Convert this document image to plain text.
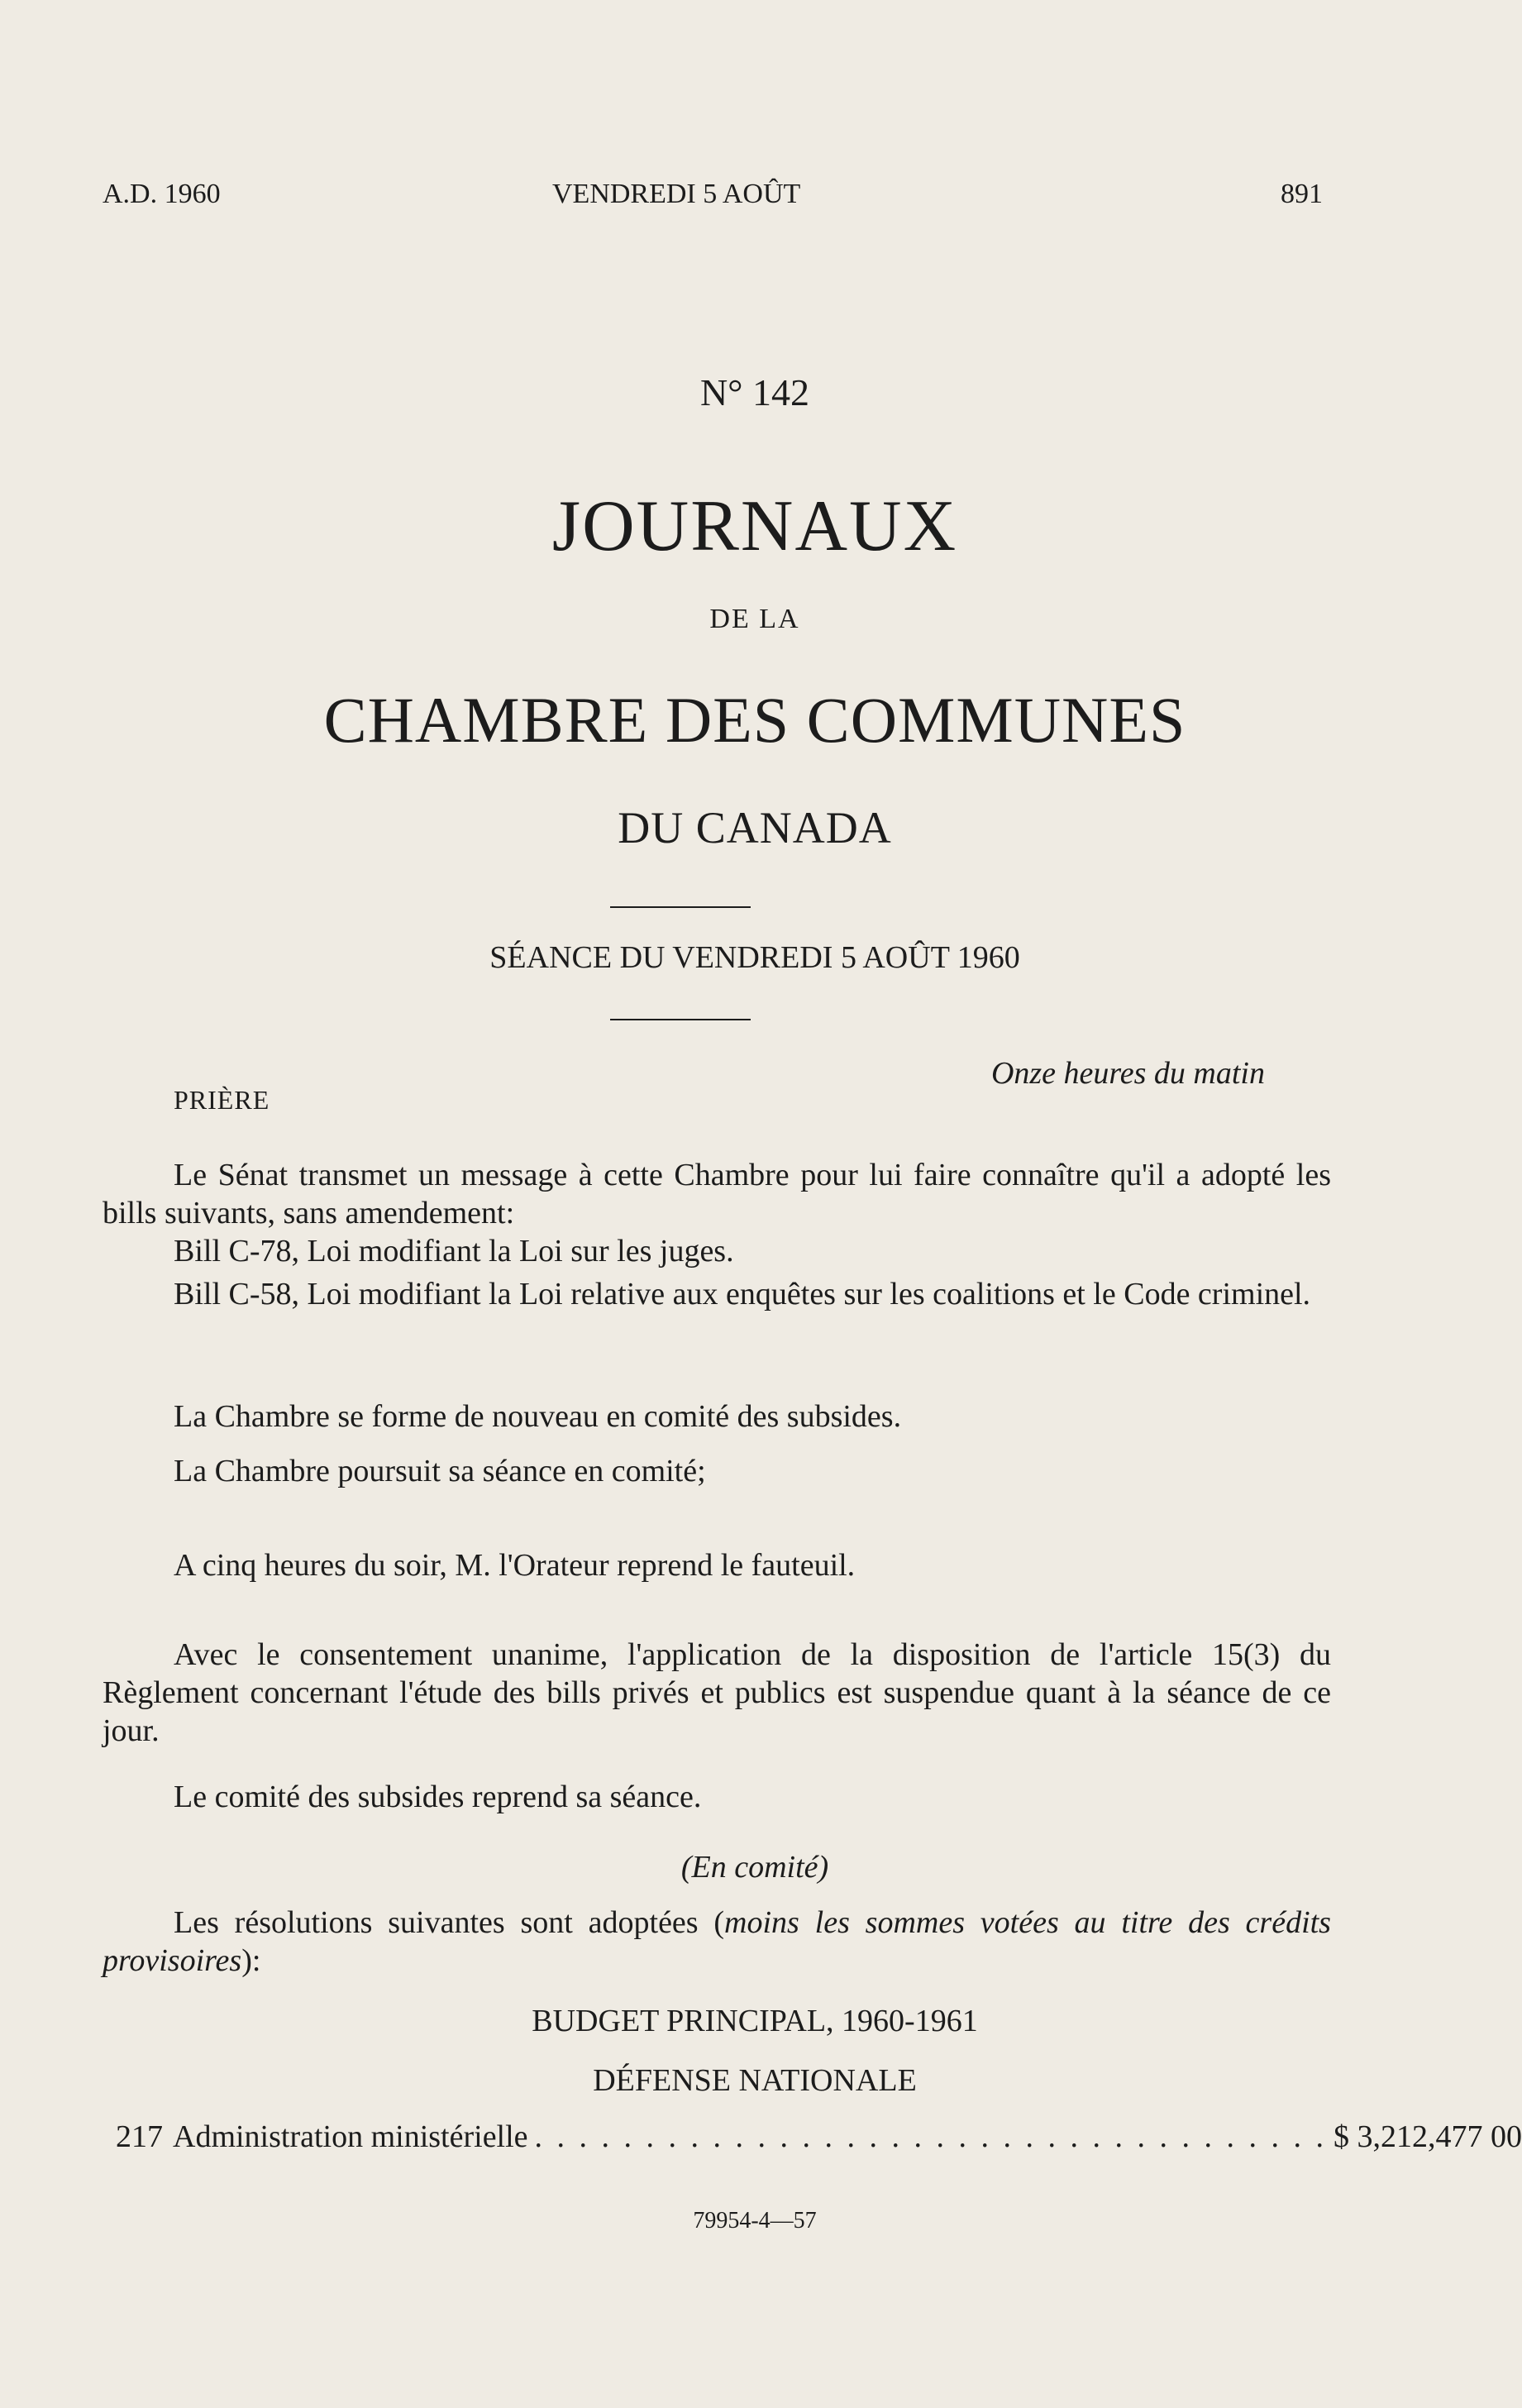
A.D. 1960	VENDREDI 5 AOÛT	891
N° 142
JOURNAUX
DE LA
CHAMBRE DES COMMUNES
DU CANADA
SÉANCE DU VENDREDI 5 AOÛT 1960
Onze heures du matin
PRIÈRE

Le Sénat transmet un message à cette Chambre pour lui faire connaître qu'il a adopté les bills suivants, sans amendement:

Bill C-78, Loi modifiant la Loi sur les juges.

Bill C-58, Loi modifiant la Loi relative aux enquêtes sur les coalitions et le Code criminel.

La Chambre se forme de nouveau en comité des subsides.

La Chambre poursuit sa séance en comité;

A cinq heures du soir, M. l'Orateur reprend le fauteuil.

Avec le consentement unanime, l'application de la disposition de l'article 15(3) du Règlement concernant l'étude des bills privés et publics est suspendue quant à la séance de ce jour.

Le comité des subsides reprend sa séance.

(En comité)

Les résolutions suivantes sont adoptées (moins les sommes votées au titre des crédits provisoires):

BUDGET PRINCIPAL, 1960-1961
DÉFENSE NATIONALE
217 Administration ministérielle . . . . . . . . . . . . . . . . . . . . . . . . . . . . . . . . . . . . $ 3,212,477 00
79954-4—57
